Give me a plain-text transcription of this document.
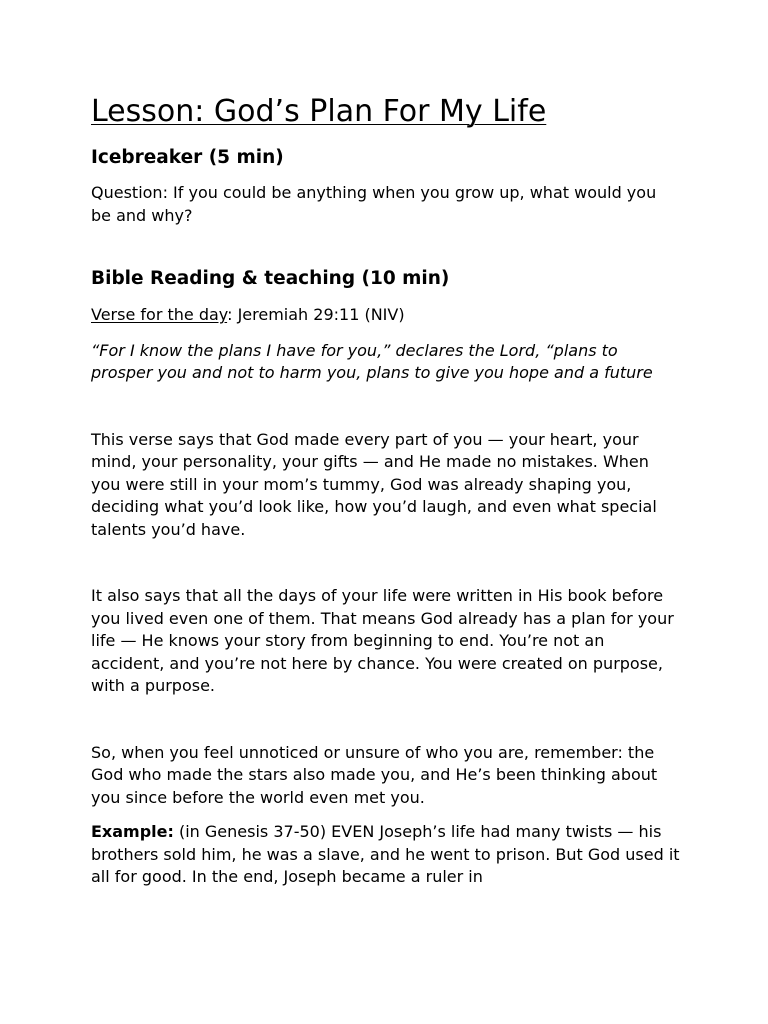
Lesson: God’s Plan For My Life
Icebreaker (5 min)

Question: If you could be anything when you grow up, what would you be and why?

Bible Reading & teaching (10 min)

Verse for the day: Jeremiah 29:11 (NIV)

“For I know the plans I have for you,” declares the Lord, “plans to prosper you and not to harm you, plans to give you hope and a future

This verse says that God made every part of you — your heart, your mind, your personality, your gifts — and He made no mistakes. When you were still in your mom’s tummy, God was already shaping you, deciding what you’d look like, how you’d laugh, and even what special talents you’d have.

It also says that all the days of your life were written in His book before you lived even one of them. That means God already has a plan for your life — He knows your story from beginning to end. You’re not an accident, and you’re not here by chance. You were created on purpose, with a purpose.

So, when you feel unnoticed or unsure of who you are, remember: the God who made the stars also made you, and He’s been thinking about you since before the world even met you.

Example: (in Genesis 37-50) EVEN Joseph’s life had many twists — his brothers sold him, he was a slave, and he went to prison. But God used it all for good. In the end, Joseph became a ruler in
